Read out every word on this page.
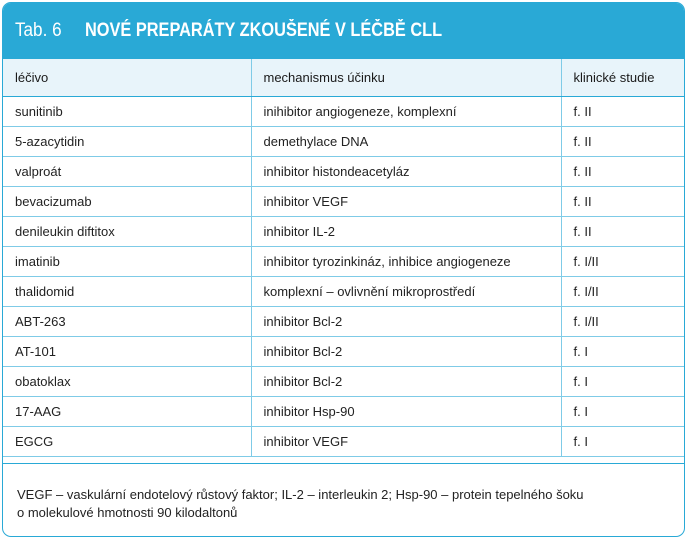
Tab. 6	NOVÉ PREPARÁTY ZKOUŠENÉ V LÉČBĚ CLL
léčivo	mechanismus účinku	klinické studie
sunitinib	inihibitor angiogeneze, komplexní	f. II
5-azacytidin	demethylace DNA	f. II
valproát	inhibitor histondeacetyláz	f. II
bevacizumab	inhibitor VEGF	f. II
denileukin diftitox	inhibitor IL-2	f. II
imatinib	inhibitor tyrozinkináz, inhibice angiogeneze	f. I/II
thalidomid	komplexní – ovlivnění mikroprostředí	f. I/II
ABT-263	inhibitor Bcl-2	f. I/II
AT-101	inhibitor Bcl-2	f. I
obatoklax	inhibitor Bcl-2	f. I
17-AAG	inhibitor Hsp-90	f. I
EGCG	inhibitor VEGF	f. I
VEGF – vaskulární endotelový růstový faktor; IL-2 – interleukin 2; Hsp-90 – protein tepelného šoku
o molekulové hmotnosti 90 kilodaltonů
